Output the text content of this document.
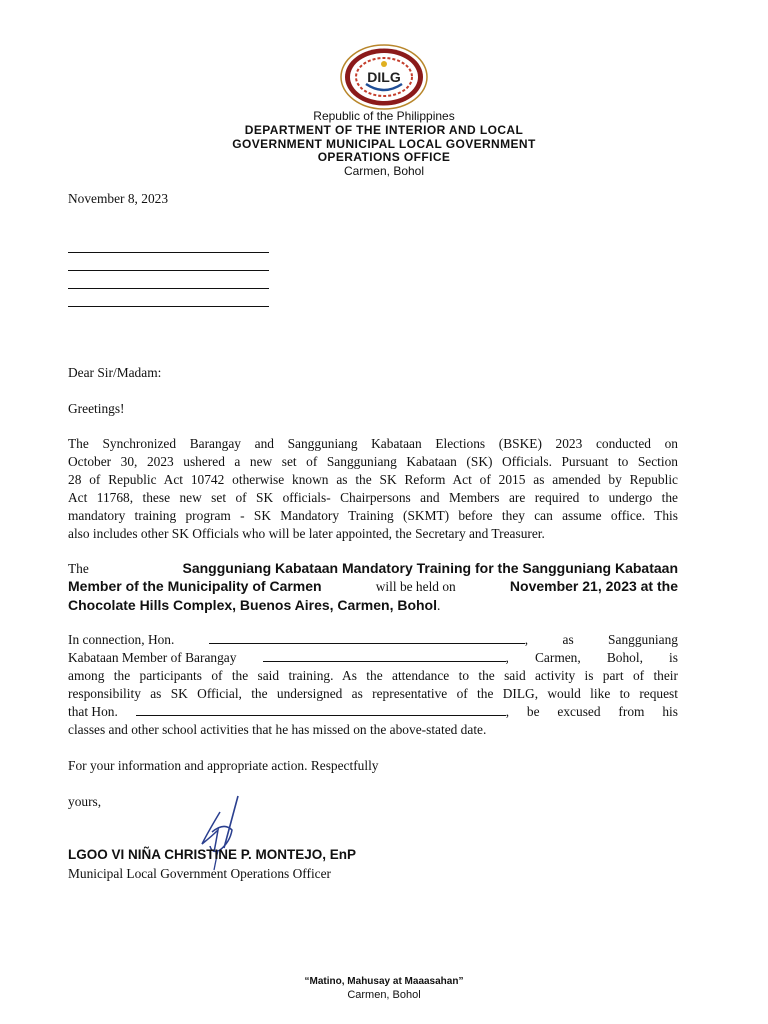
DILG
Republic of the Philippines
DEPARTMENT OF THE INTERIOR AND LOCAL
GOVERNMENT MUNICIPAL LOCAL GOVERNMENT
OPERATIONS OFFICE
Carmen, Bohol
November 8, 2023
Dear Sir/Madam:
Greetings!
The Synchronized Barangay and Sangguniang Kabataan Elections (BSKE) 2023 conducted on
October 30, 2023 ushered a new set of Sangguniang Kabataan (SK) Officials. Pursuant to Section
28 of Republic Act 10742 otherwise known as the SK Reform Act of 2015 as amended by Republic
Act 11768, these new set of SK officials- Chairpersons and Members are required to undergo the
mandatory training program - SK Mandatory Training (SKMT) before they can assume office. This
also includes other SK Officials who will be later appointed, the Secretary and Treasurer.
The	Sangguniang Kabataan Mandatory Training for the Sangguniang Kabataan
Member of the Municipality of Carmen	will be held on	November 21, 2023 at the
Chocolate Hills Complex, Buenos Aires, Carmen, Bohol.
In connection, Hon.	,	as	Sangguniang
Kabataan Member of Barangay	, Carmen, Bohol, is
among the participants of the said training. As the attendance to the said activity is part of their
responsibility as SK Official, the undersigned as representative of the DILG, would like to request
that Hon.	, be excused from his
classes and other school activities that he has missed on the above-stated date.
For your information and appropriate action. Respectfully
yours,
LGOO VI NIÑA CHRISTINE P. MONTEJO, EnP
Municipal Local Government Operations Officer
“Matino, Mahusay at Maaasahan”
Carmen, Bohol
